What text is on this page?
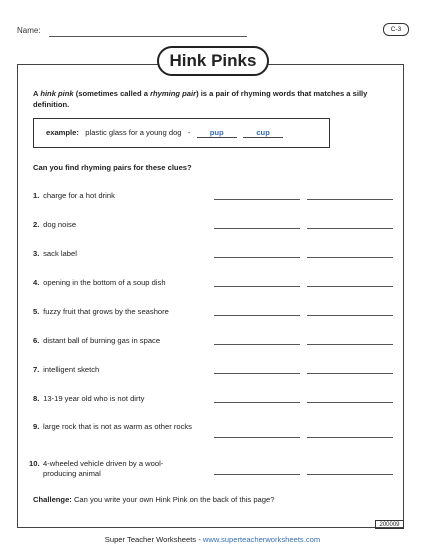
Name:	C-3
Hink Pinks
A hink pink (sometimes called a rhyming pair) is a pair of rhyming words that matches a silly definition.
example: plastic glass for a young dog -	pup	cup
Can you find rhyming pairs for these clues?
1. charge for a hot drink
2. dog noise
3. sack label
4. opening in the bottom of a soup dish
5. fuzzy fruit that grows by the seashore
6. distant ball of burning gas in space
7. intelligent sketch
8. 13-19 year old who is not dirty
9. large rock that is not as warm as other rocks
10. 4-wheeled vehicle driven by a wool-producing animal
Challenge: Can you write your own Hink Pink on the back of this page?
200009
Super Teacher Worksheets - www.superteacherworksheets.com
